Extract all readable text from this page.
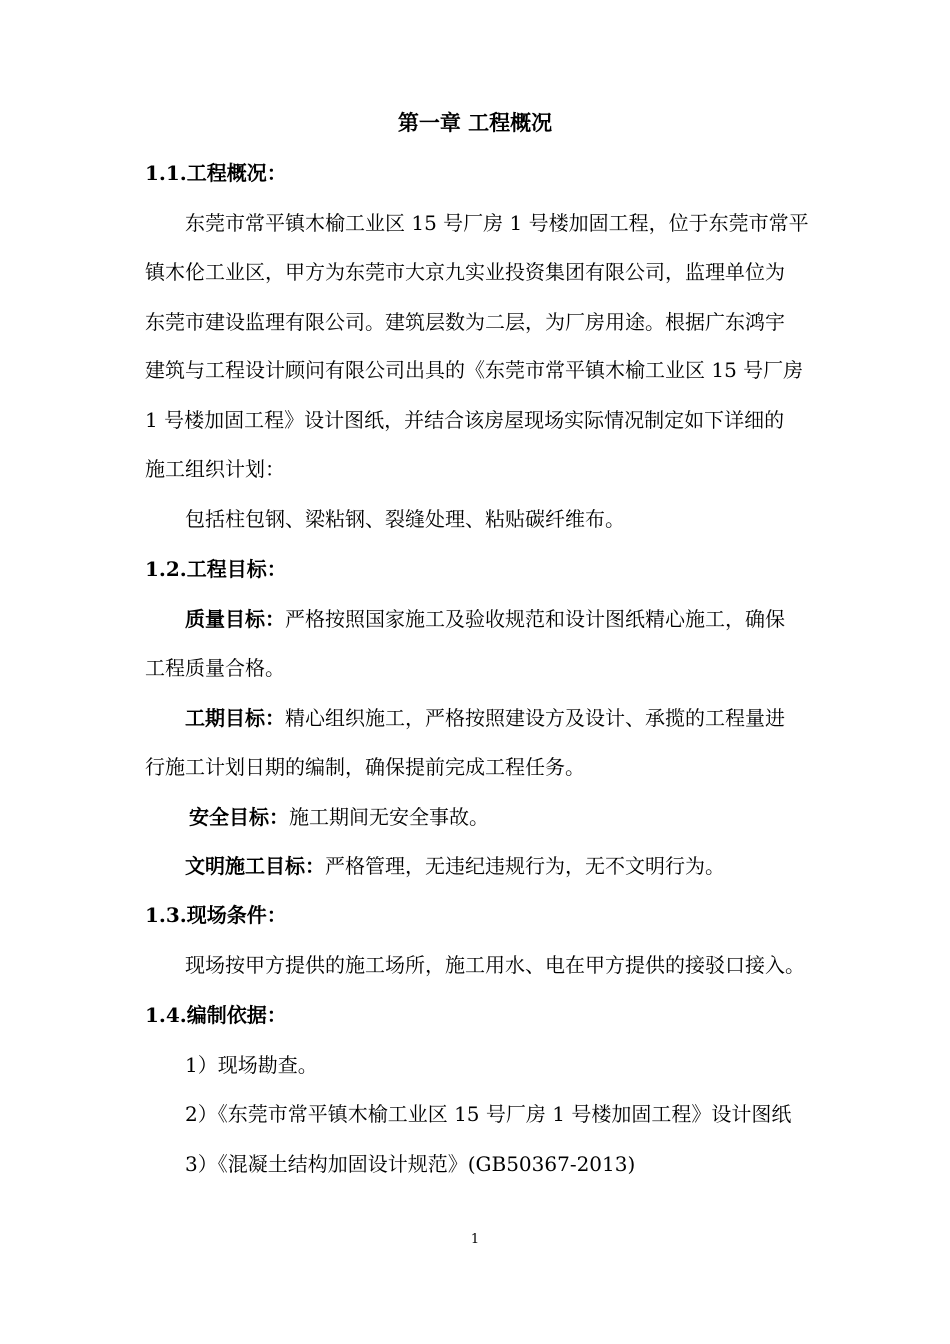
第一章 工程概况
1.1.工程概况：
东莞市常平镇木榆工业区 15 号厂房 1 号楼加固工程，位于东莞市常平
镇木伦工业区，甲方为东莞市大京九实业投资集团有限公司，监理单位为
东莞市建设监理有限公司。建筑层数为二层，为厂房用途。根据广东鸿宇
建筑与工程设计顾问有限公司出具的《东莞市常平镇木榆工业区 15 号厂房
1 号楼加固工程》设计图纸，并结合该房屋现场实际情况制定如下详细的
施工组织计划：
包括柱包钢、梁粘钢、裂缝处理、粘贴碳纤维布。
1.2.工程目标：
质量目标：严格按照国家施工及验收规范和设计图纸精心施工，确保
工程质量合格。
工期目标：精心组织施工，严格按照建设方及设计、承揽的工程量进
行施工计划日期的编制，确保提前完成工程任务。
安全目标：施工期间无安全事故。
文明施工目标：严格管理，无违纪违规行为，无不文明行为。
1.3.现场条件：
现场按甲方提供的施工场所，施工用水、电在甲方提供的接驳口接入。
1.4.编制依据：
1）现场勘查。
2）《东莞市常平镇木榆工业区 15 号厂房 1 号楼加固工程》设计图纸
3）《混凝土结构加固设计规范》(GB50367-2013)
1
